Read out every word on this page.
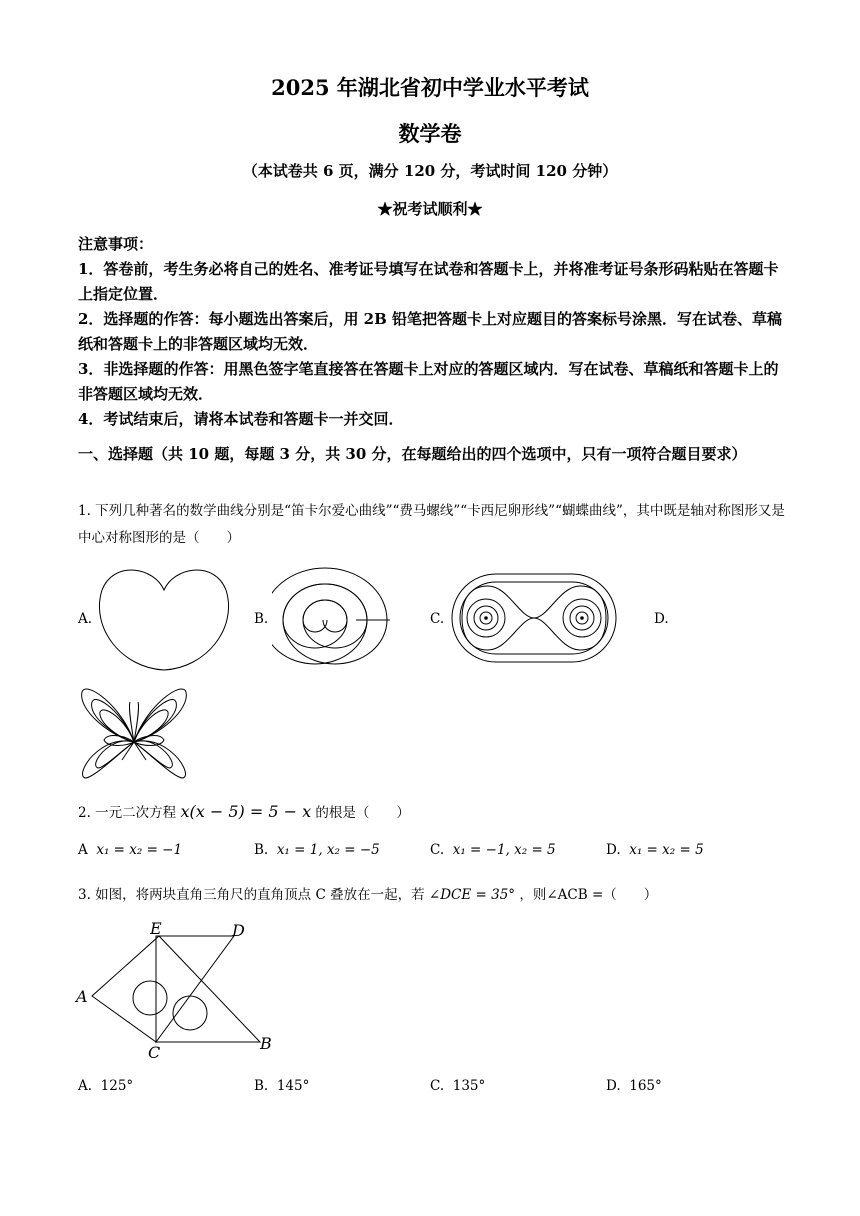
2025 年湖北省初中学业水平考试
数学卷
（本试卷共 6 页，满分 120 分，考试时间 120 分钟）
★祝考试顺利★

注意事项：

1．答卷前，考生务必将自己的姓名、准考证号填写在试卷和答题卡上，并将准考证号条形码粘贴在答题卡上指定位置．

2．选择题的作答：每小题选出答案后，用 2B 铅笔把答题卡上对应题目的答案标号涂黑．写在试卷、草稿纸和答题卡上的非答题区域均无效．

3．非选择题的作答：用黑色签字笔直接答在答题卡上对应的答题区域内．写在试卷、草稿纸和答题卡上的非答题区域均无效．

4．考试结束后，请将本试卷和答题卡一并交回．

一、选择题（共 10 题，每题 3 分，共 30 分，在每题给出的四个选项中，只有一项符合题目要求）
1. 下列几种著名的数学曲线分别是“笛卡尔爱心曲线”“费马螺线”“卡西尼卵形线”“蝴蝶曲线”，其中既是轴对称图形又是中心对称图形的是（　　）
A.	B.	C.	D.
2. 一元二次方程 x(x − 5) = 5 − x 的根是（　　）
A x₁ = x₂ = −1	B. x₁ = 1, x₂ = −5	C. x₁ = −1, x₂ = 5	D. x₁ = x₂ = 5
3. 如图，将两块直角三角尺的直角顶点 C 叠放在一起，若 ∠DCE = 35° ，则∠ACB =（　　）
A
B
C
D
E
A. 125°	B. 145°	C. 135°	D. 165°
